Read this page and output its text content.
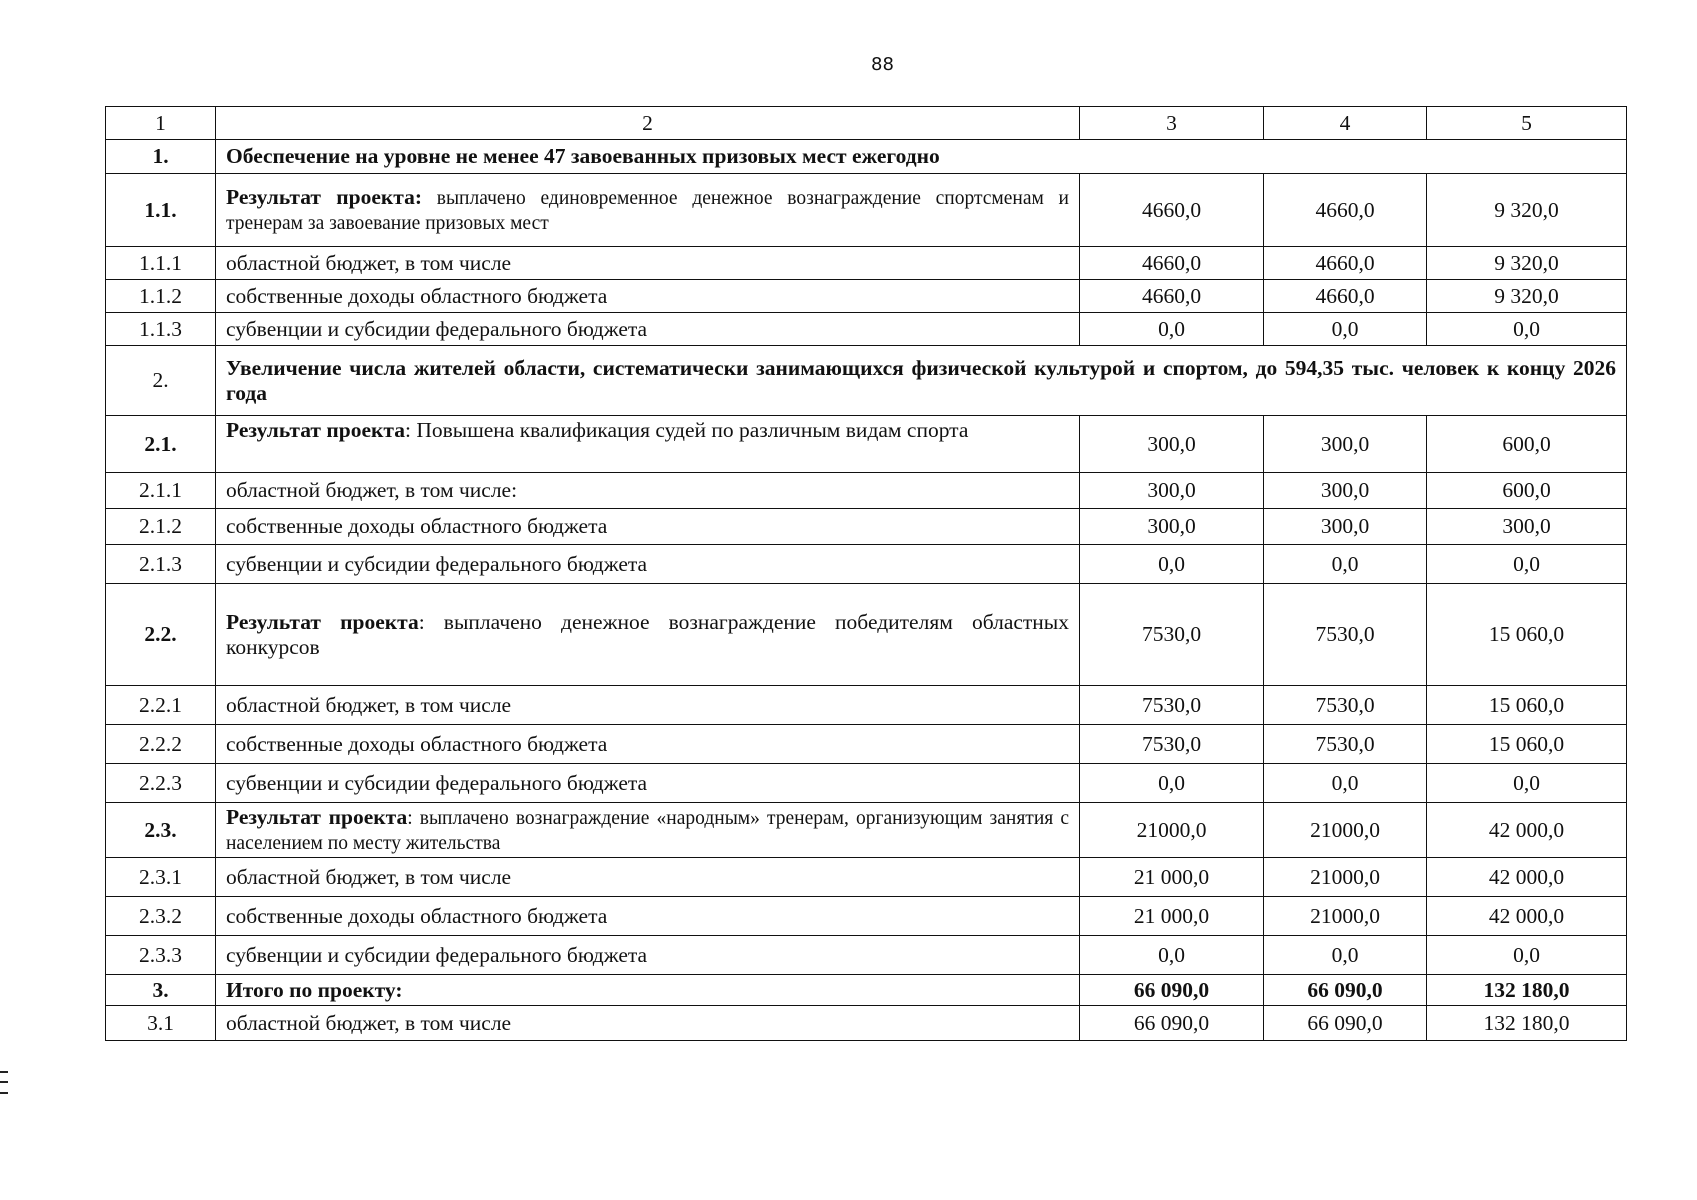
88
1	2	3	4	5
1.	Обеспечение на уровне не менее 47 завоеванных призовых мест ежегодно			
1.1.	Результат проекта: выплачено единовременное денежное вознаграждение спортсменам и тренерам за завоевание призовых мест	4660,0	4660,0	9 320,0
1.1.1	областной бюджет, в том числе	4660,0	4660,0	9 320,0
1.1.2	собственные доходы областного бюджета	4660,0	4660,0	9 320,0
1.1.3	субвенции и субсидии федерального бюджета	0,0	0,0	0,0
2.	Увеличение числа жителей области, систематически занимающихся физической культурой и спортом, до 594,35 тыс. человек к концу 2026 года			
2.1.	Результат проекта: Повышена квалификация судей по различным видам спорта	300,0	300,0	600,0
2.1.1	областной бюджет, в том числе:	300,0	300,0	600,0
2.1.2	собственные доходы областного бюджета	300,0	300,0	300,0
2.1.3	субвенции и субсидии федерального бюджета	0,0	0,0	0,0
2.2.	Результат проекта: выплачено денежное вознаграждение победителям областных конкурсов	7530,0	7530,0	15 060,0
2.2.1	областной бюджет, в том числе	7530,0	7530,0	15 060,0
2.2.2	собственные доходы областного бюджета	7530,0	7530,0	15 060,0
2.2.3	субвенции и субсидии федерального бюджета	0,0	0,0	0,0
2.3.	Результат проекта: выплачено вознаграждение «народным» тренерам, организующим занятия с населением по месту жительства	21000,0	21000,0	42 000,0
2.3.1	областной бюджет, в том числе	21 000,0	21000,0	42 000,0
2.3.2	собственные доходы областного бюджета	21 000,0	21000,0	42 000,0
2.3.3	субвенции и субсидии федерального бюджета	0,0	0,0	0,0
3.	Итого по проекту:	66 090,0	66 090,0	132 180,0
3.1	областной бюджет, в том числе	66 090,0	66 090,0	132 180,0
